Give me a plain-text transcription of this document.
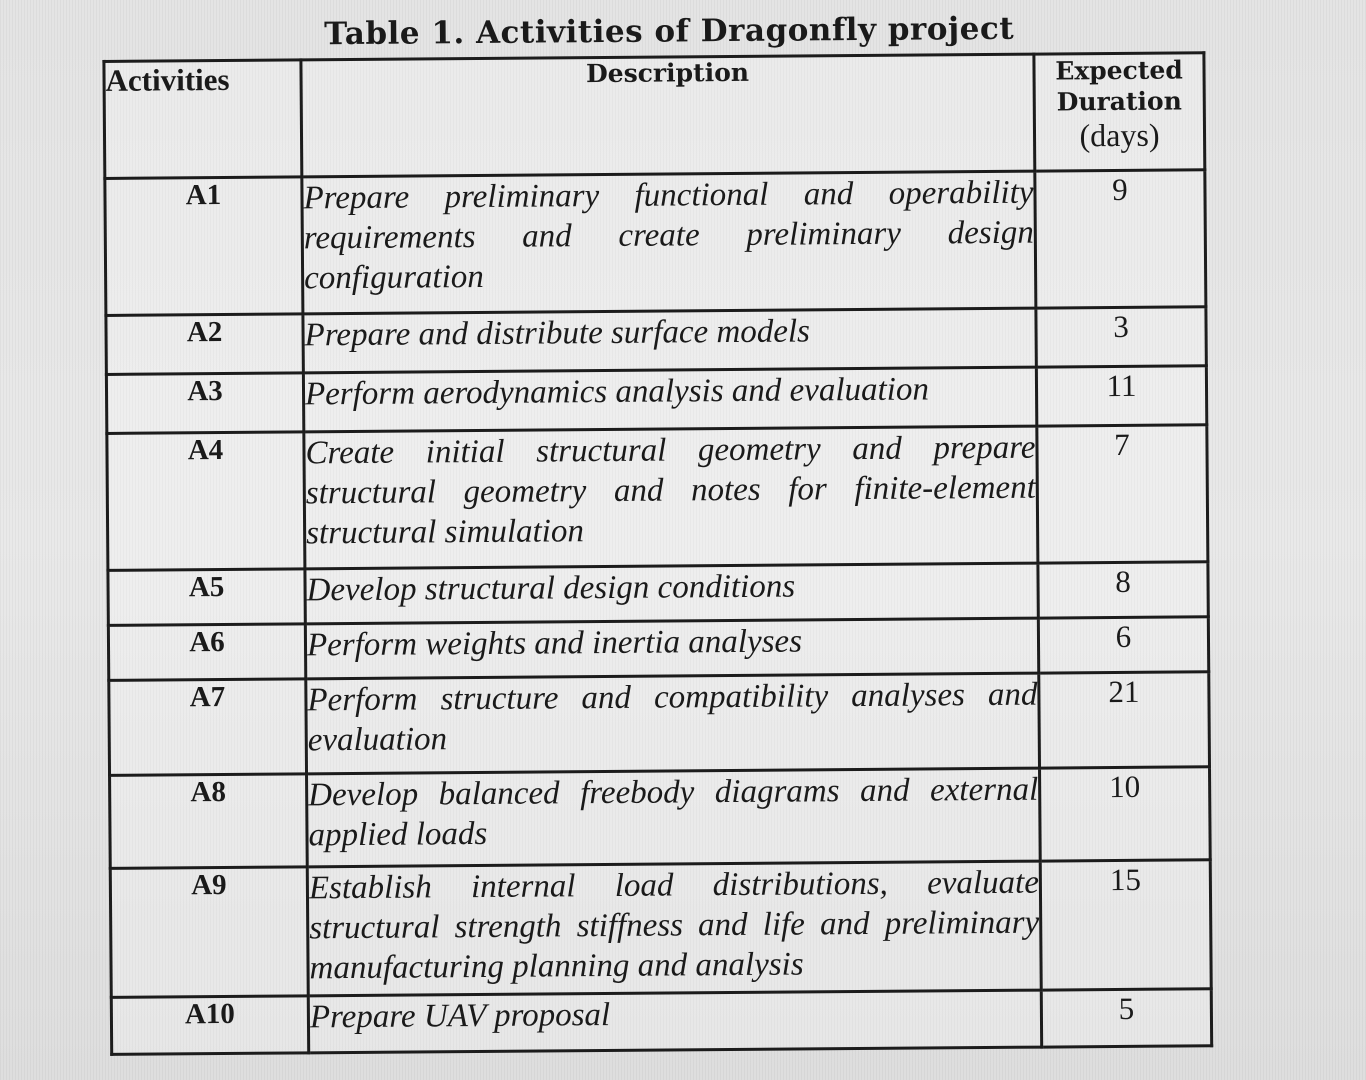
Table 1. Activities of Dragonfly project
Activities	Description	Expected
Duration
(days)

A1	Prepare preliminary functional and operability requirements and create preliminary design configuration	9
A2	Prepare and distribute surface models	3
A3	Perform aerodynamics analysis and evaluation	11
A4	Create initial structural geometry and prepare structural geometry and notes for finite-element structural simulation	7
A5	Develop structural design conditions	8
A6	Perform weights and inertia analyses	6
A7	Perform structure and compatibility analyses and evaluation	21
A8	Develop balanced freebody diagrams and external applied loads	10
A9	Establish internal load distributions, evaluate structural strength stiffness and life and preliminary manufacturing planning and analysis	15
A10	Prepare UAV proposal	5
